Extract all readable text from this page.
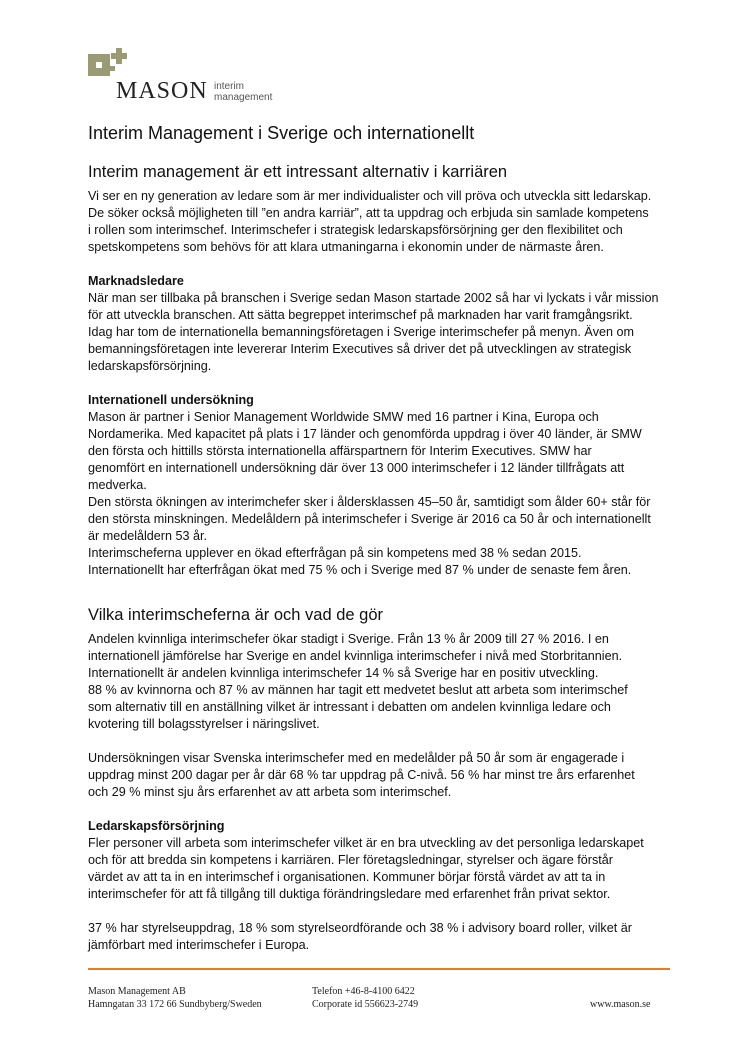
MASON interim
management
Interim Management i Sverige och internationellt
Interim management är ett intressant alternativ i karriären

Vi ser en ny generation av ledare som är mer individualister och vill pröva och utveckla sitt ledarskap.

De söker också möjligheten till ”en andra karriär”, att ta uppdrag och erbjuda sin samlade kompetens

i rollen som interimschef. Interimschefer i strategisk ledarskapsförsörjning ger den flexibilitet och

spetskompetens som behövs för att klara utmaningarna i ekonomin under de närmaste åren.

Marknadsledare

När man ser tillbaka på branschen i Sverige sedan Mason startade 2002 så har vi lyckats i vår mission

för att utveckla branschen. Att sätta begreppet interimschef på marknaden har varit framgångsrikt.

Idag har tom de internationella bemanningsföretagen i Sverige interimschefer på menyn. Även om

bemanningsföretagen inte levererar Interim Executives så driver det på utvecklingen av strategisk

ledarskapsförsörjning.

Internationell undersökning

Mason är partner i Senior Management Worldwide SMW med 16 partner i Kina, Europa och

Nordamerika. Med kapacitet på plats i 17 länder och genomförda uppdrag i över 40 länder, är SMW

den första och hittills största internationella affärspartnern för Interim Executives. SMW har

genomfört en internationell undersökning där över 13 000 interimschefer i 12 länder tillfrågats att

medverka.

Den största ökningen av interimchefer sker i åldersklassen 45–50 år, samtidigt som ålder 60+ står för

den största minskningen. Medelåldern på interimschefer i Sverige är 2016 ca 50 år och internationellt

är medelåldern 53 år.

Interimscheferna upplever en ökad efterfrågan på sin kompetens med 38 % sedan 2015.

Internationellt har efterfrågan ökat med 75 % och i Sverige med 87 % under de senaste fem åren.

Vilka interimscheferna är och vad de gör

Andelen kvinnliga interimschefer ökar stadigt i Sverige. Från 13 % år 2009 till 27 % 2016. I en

internationell jämförelse har Sverige en andel kvinnliga interimschefer i nivå med Storbritannien.

Internationellt är andelen kvinnliga interimschefer 14 % så Sverige har en positiv utveckling.

88 % av kvinnorna och 87 % av männen har tagit ett medvetet beslut att arbeta som interimschef

som alternativ till en anställning vilket är intressant i debatten om andelen kvinnliga ledare och

kvotering till bolagsstyrelser i näringslivet.

Undersökningen visar Svenska interimschefer med en medelålder på 50 år som är engagerade i

uppdrag minst 200 dagar per år där 68 % tar uppdrag på C-nivå. 56 % har minst tre års erfarenhet

och 29 % minst sju års erfarenhet av att arbeta som interimschef.

Ledarskapsförsörjning

Fler personer vill arbeta som interimschefer vilket är en bra utveckling av det personliga ledarskapet

och för att bredda sin kompetens i karriären. Fler företagsledningar, styrelser och ägare förstår

värdet av att ta in en interimschef i organisationen. Kommuner börjar förstå värdet av att ta in

interimschefer för att få tillgång till duktiga förändringsledare med erfarenhet från privat sektor.

37 % har styrelseuppdrag, 18 % som styrelseordförande och 38 % i advisory board roller, vilket är

jämförbart med interimschefer i Europa.

Mason Management AB
Hamngatan 33 172 66 Sundbyberg/Sweden
Telefon +46-8-4100 6422
Corporate id 556623-2749	www.mason.se
